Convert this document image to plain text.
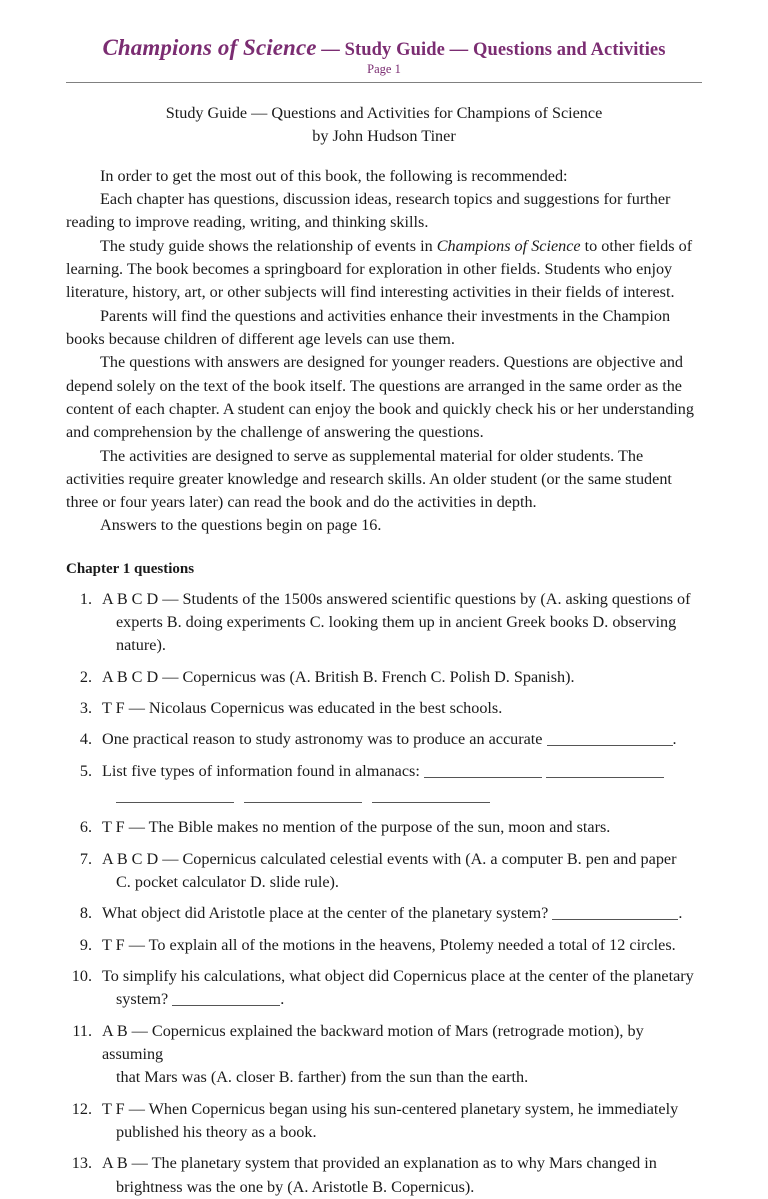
Champions of Science — Study Guide — Questions and Activities
Page 1
Study Guide — Questions and Activities for Champions of Science
by John Hudson Tiner

In order to get the most out of this book, the following is recommended:

Each chapter has questions, discussion ideas, research topics and suggestions for further reading to improve reading, writing, and thinking skills.

The study guide shows the relationship of events in Champions of Science to other fields of learning. The book becomes a springboard for exploration in other fields. Students who enjoy literature, history, art, or other subjects will find interesting activities in their fields of interest.

Parents will find the questions and activities enhance their investments in the Champion books because children of different age levels can use them.

The questions with answers are designed for younger readers. Questions are objective and depend solely on the text of the book itself. The questions are arranged in the same order as the content of each chapter. A student can enjoy the book and quickly check his or her understanding and comprehension by the challenge of answering the questions.

The activities are designed to serve as supplemental material for older students. The activities require greater knowledge and research skills. An older student (or the same student three or four years later) can read the book and do the activities in depth.

Answers to the questions begin on page 16.

Chapter 1 questions
1. A B C D — Students of the 1500s answered scientific questions by (A. asking questions of
experts B. doing experiments C. looking them up in ancient Greek books D. observing nature).
2. A B C D — Copernicus was (A. British B. French C. Polish D. Spanish).
3. T F — Nicolaus Copernicus was educated in the best schools.
4. One practical reason to study astronomy was to produce an accurate	.
5. List five types of information found in almanacs:
6. T F — The Bible makes no mention of the purpose of the sun, moon and stars.
7. A B C D — Copernicus calculated celestial events with (A. a computer B. pen and paper
C. pocket calculator D. slide rule).
8. What object did Aristotle place at the center of the planetary system?	.
9. T F — To explain all of the motions in the heavens, Ptolemy needed a total of 12 circles.
10. To simplify his calculations, what object did Copernicus place at the center of the planetary
system?	.
11. A B — Copernicus explained the backward motion of Mars (retrograde motion), by assuming
that Mars was (A. closer B. farther) from the sun than the earth.
12. T F — When Copernicus began using his sun-centered planetary system, he immediately
published his theory as a book.
13. A B — The planetary system that provided an explanation as to why Mars changed in
brightness was the one by (A. Aristotle B. Copernicus).
